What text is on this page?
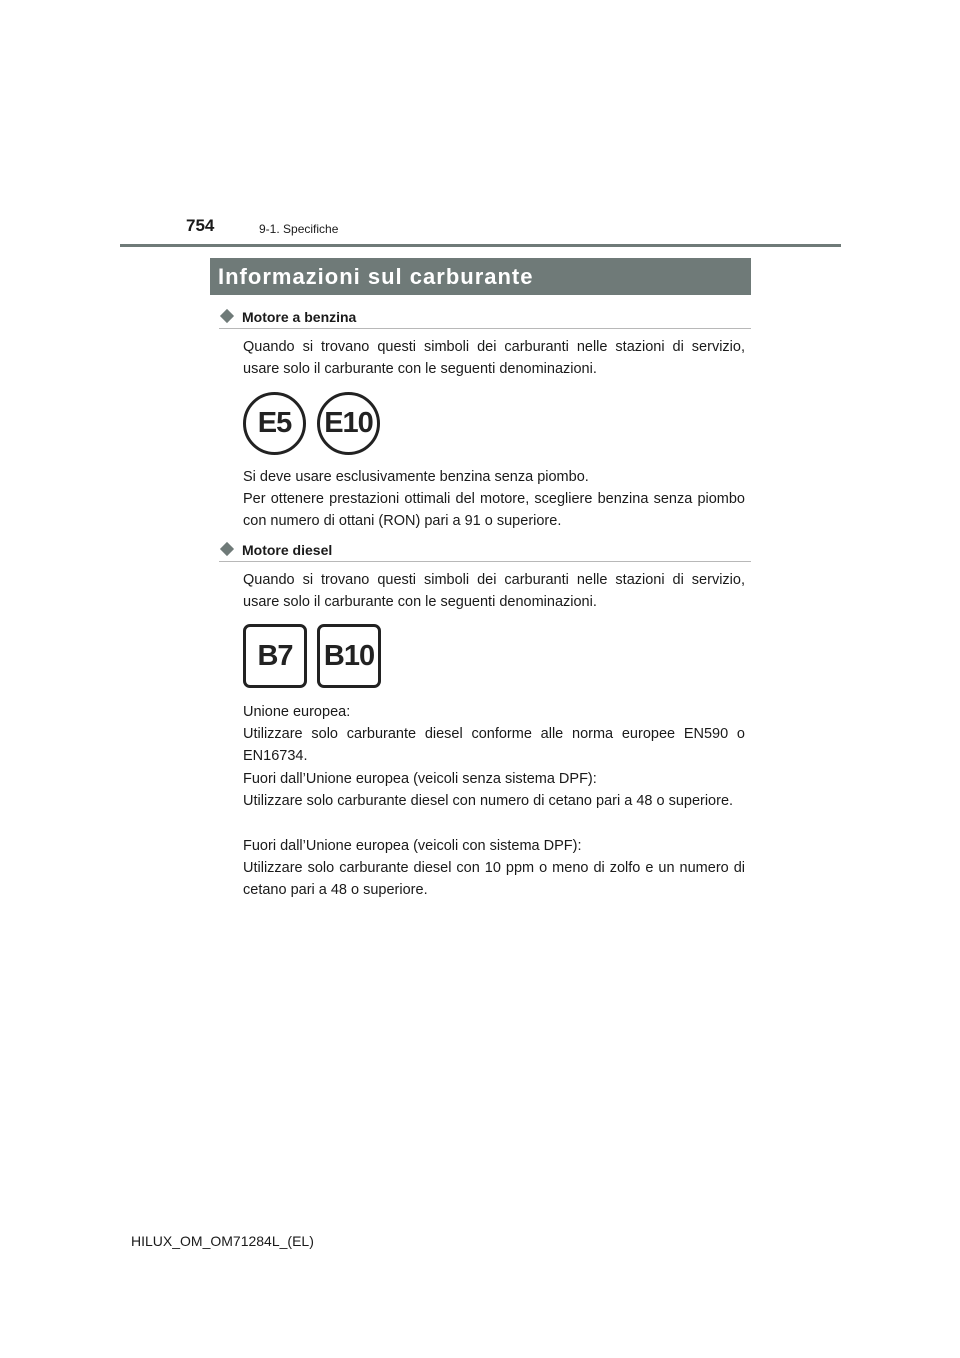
754	9-1. Specifiche
Informazioni sul carburante
Motore a benzina

Quando si trovano questi simboli dei carburanti nelle stazioni di servizio, usare solo il carburante con le seguenti denominazioni.

E5	E10

Si deve usare esclusivamente benzina senza piombo.

Per ottenere prestazioni ottimali del motore, scegliere benzina senza piombo con numero di ottani (RON) pari a 91 o superiore.

Motore diesel

Quando si trovano questi simboli dei carburanti nelle stazioni di servizio, usare solo il carburante con le seguenti denominazioni.

B7	B10

Unione europea:
Utilizzare solo carburante diesel conforme alle norma europee EN590 o EN16734.

Fuori dall’Unione europea (veicoli senza sistema DPF):
Utilizzare solo carburante diesel con numero di cetano pari a 48 o superiore.

Fuori dall’Unione europea (veicoli con sistema DPF):
Utilizzare solo carburante diesel con 10 ppm o meno di zolfo e un numero di cetano pari a 48 o superiore.

HILUX_OM_OM71284L_(EL)
